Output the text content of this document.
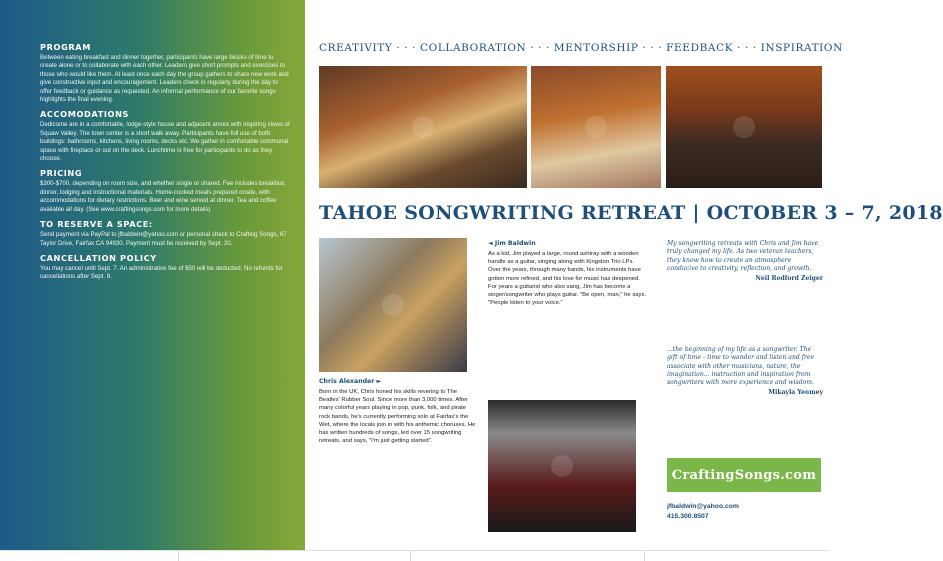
PROGRAM
Between eating breakfast and dinner together, participants have large blocks of time to create alone or to collaborate with each other. Leaders give short prompts and exercises to those who would like them. At least once each day the group gathers to share new work and give constructive input and encouragement. Leaders check in regularly during the day to offer feedback or guidance as requested. An informal performance of our favorite songs highlights the final evening.
ACCOMODATIONS
Dedicome are in a comfortable, lodge-style house and adjacent annex with inspiring views of Squaw Valley. The town center is a short walk away. Participants have full use of both buildings: bathrooms, kitchens, living rooms, decks etc. We gather in comfortable communal space with fireplace or out on the deck. Lunchtime is free for participants to do as they choose.
PRICING
$300-$700, depending on room size, and whether single or shared. Fee includes breakfast, dinner, lodging and instructional materials. Home-cooked meals prepared onsite, with accommodations for dietary restrictions. Beer and wine served at dinner. Tea and coffee available all day. (See www.craftingsongs.com for more details)
TO RESERVE A SPACE:
Send payment via PayPal to jfbaldwin@yahoo.com or personal check to Crafting Songs, 67 Taylor Drive, Fairfax CA 94930. Payment must be received by Sept. 20.
CANCELLATION POLICY
You may cancel until Sept. 7. An administrative fee of $50 will be deducted. No refunds for cancellations after Sept. 8.
CREATIVITY · · · COLLABORATION · · · MENTORSHIP · · · FEEDBACK · · · INSPIRATION
TAHOE SONGWRITING RETREAT | OCTOBER 3 – 7, 2018
Chris Alexander ►
Born in the UK, Chris honed his skills revering to The Beatles' Rubber Soul. Since more than 3,000 times. After many colorful years playing in pop, punk, folk, and pirate rock bands, he's currently performing solo at Fairfax's the Wet, where the locals join in with his anthemic choruses. He has written hundreds of songs, led over 15 songwriting retreats, and says, "I'm just getting started".
◄ Jim Baldwin
As a kid, Jim played a large, round ashtray with a wooden handle as a guitar, singing along with Kingston Trio LPs. Over the years, through many bands, his instruments have gotten more refined, and his love for music has deepened. For years a guitarist who also sang, Jim has become a singer/songwriter who plays guitar. "Be open, man," he says. "People listen to your voice."
My songwriting retreats with Chris and Jim have truly changed my life. As two veteran teachers, they know how to create an atmosphere conducive to creativity, reflection, and growth.
Neil Redford Zeiger
...the beginning of my life as a songwriter. The gift of time - time to wander and listen and free associate with other musicians, nature, the imagination... instruction and inspiration from songwriters with more experience and wisdom.
Mikayla Yeomey
CraftingSongs.com
jfbaldwin@yahoo.com
415.300.8507
